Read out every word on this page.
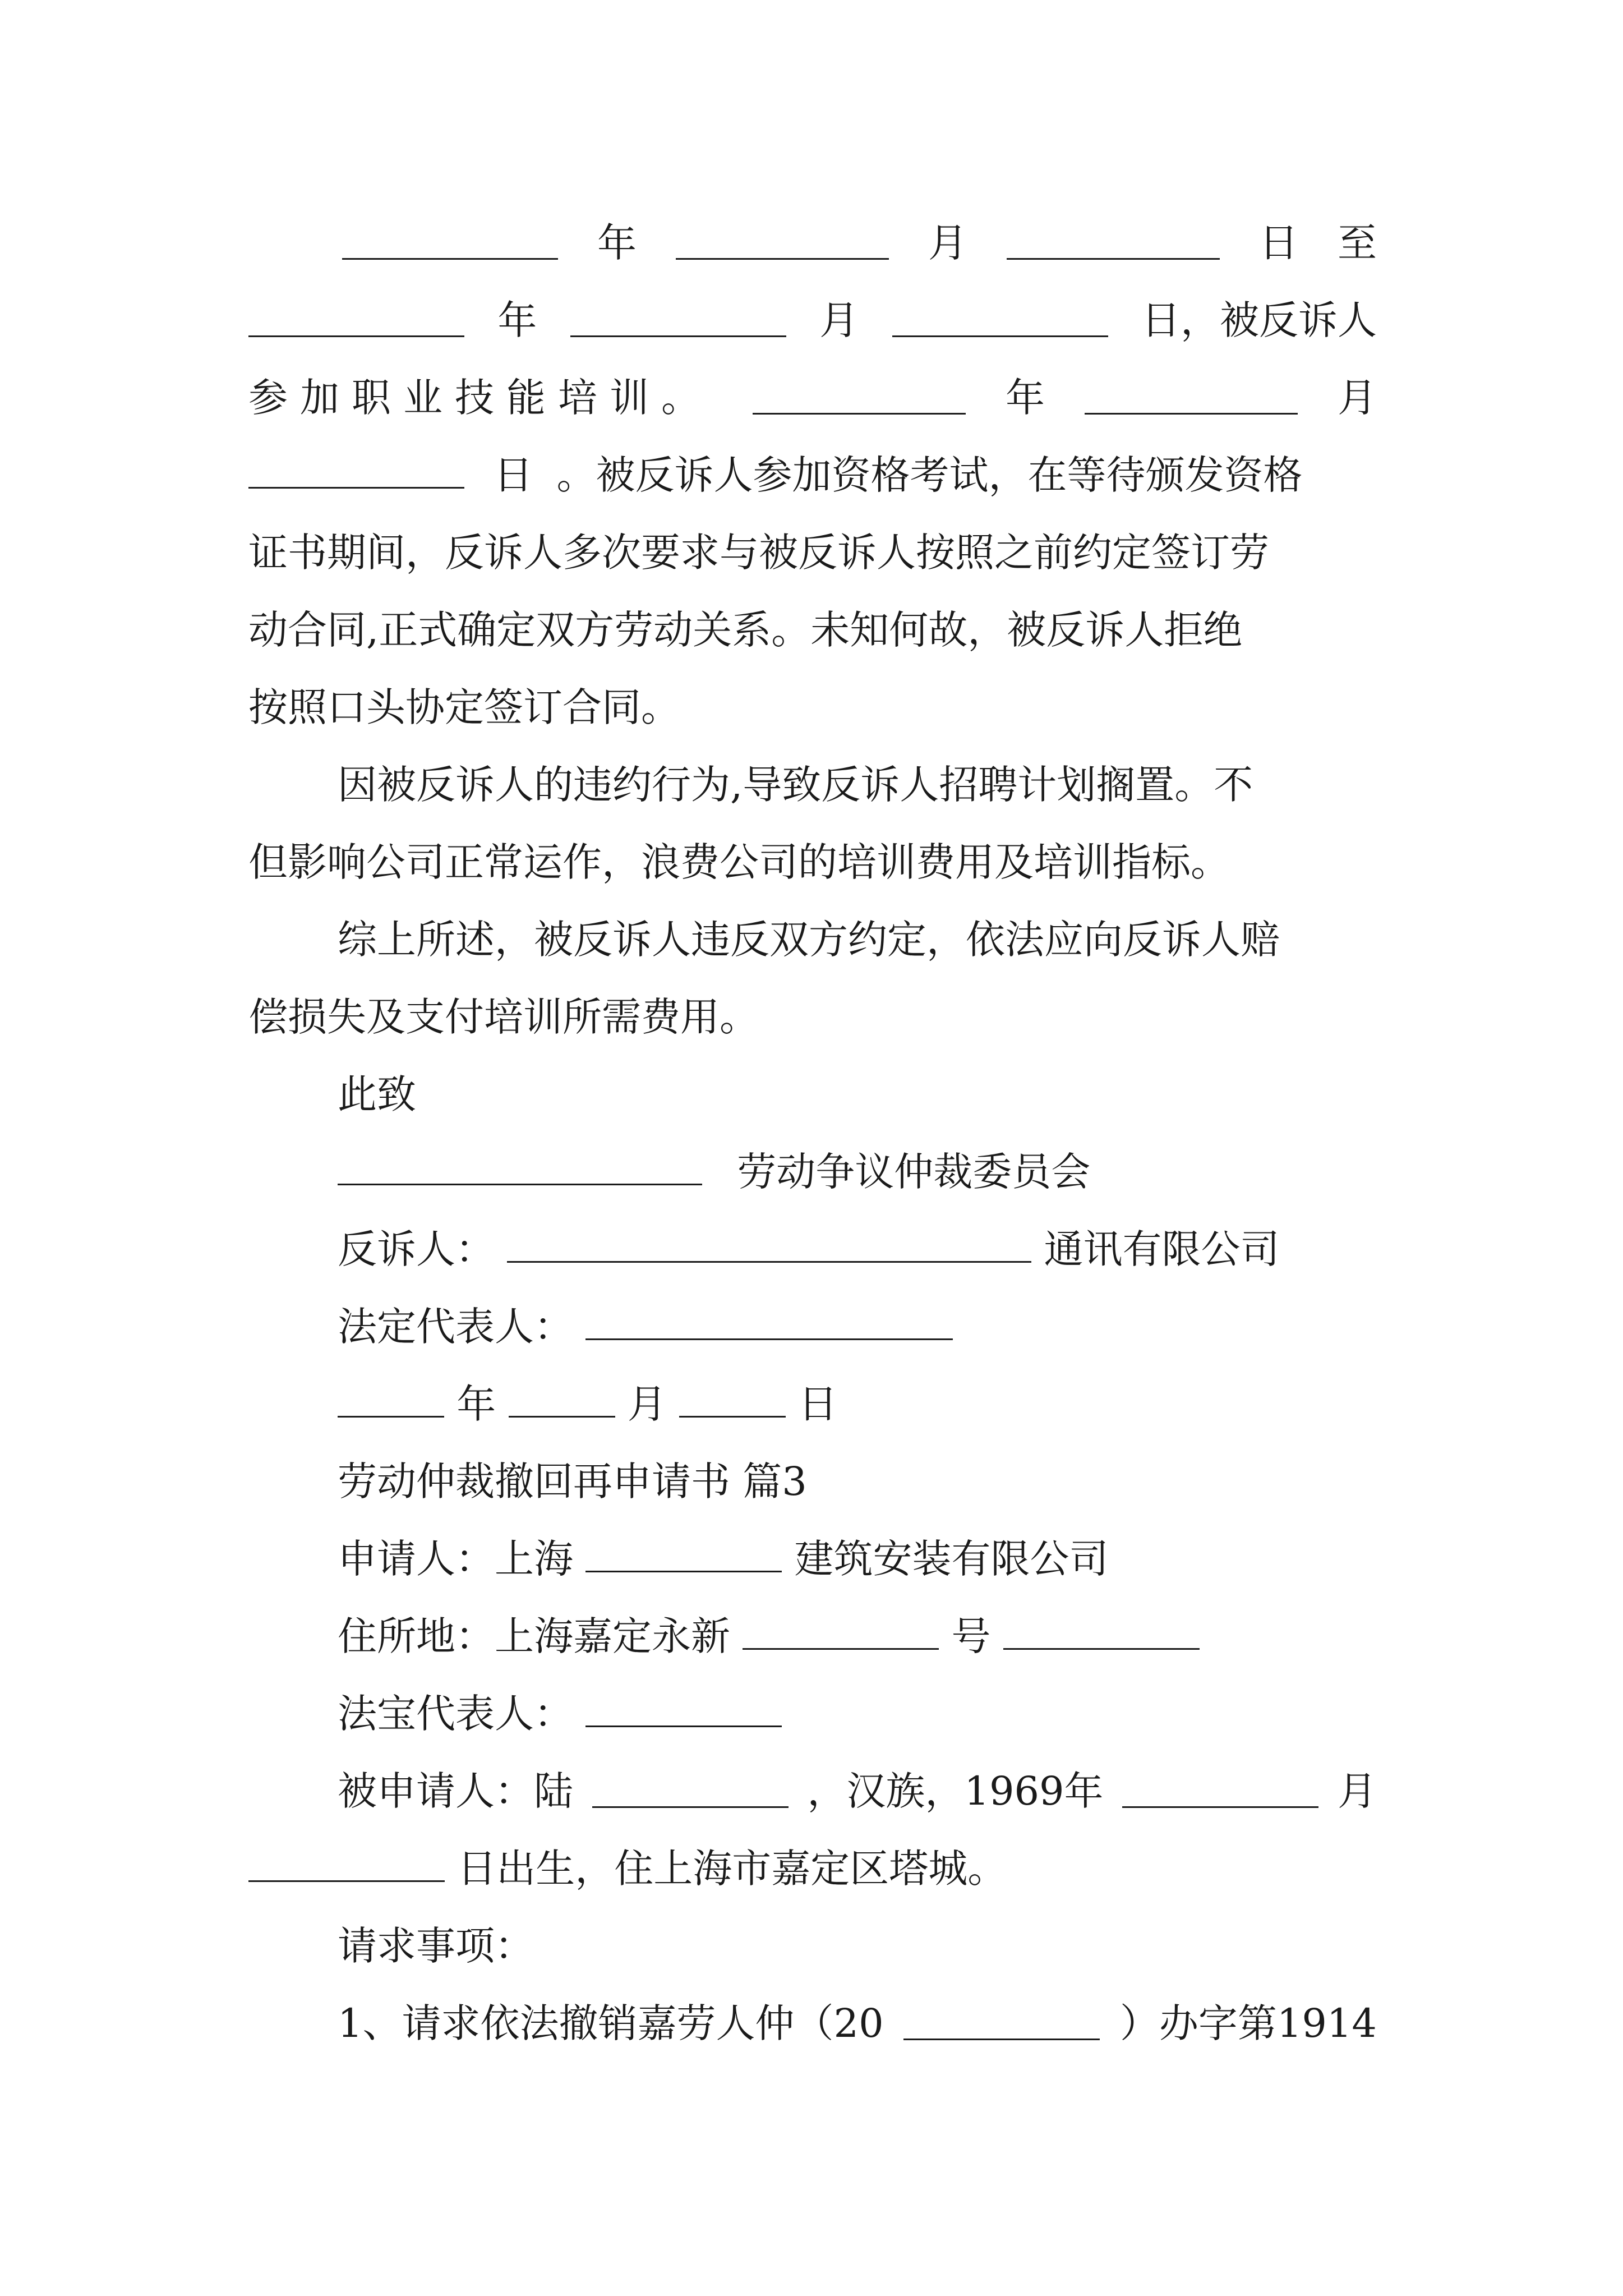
年	月	日 至
年	月	日，被反诉人
参加职业技能培训。	年	月
日 。被反诉人参加资格考试，在等待颁发资格
证书期间，反诉人多次要求与被反诉人按照之前约定签订劳
动合同,正式确定双方劳动关系。未知何故，被反诉人拒绝
按照口头协定签订合同。
因被反诉人的违约行为,导致反诉人招聘计划搁置。不
但影响公司正常运作，浪费公司的培训费用及培训指标。
综上所述，被反诉人违反双方约定，依法应向反诉人赔
偿损失及支付培训所需费用。
此致
劳动争议仲裁委员会
反诉人：	通讯有限公司
法定代表人：
年	月	日
劳动仲裁撤回再申请书 篇3
申请人：上海	建筑安装有限公司
住所地：上海嘉定永新	号
法宝代表人：
被申请人：陆	，汉族，1969年	月
日出生，住上海市嘉定区塔城。
请求事项：
1、请求依法撤销嘉劳人仲（20	）办字第1914
